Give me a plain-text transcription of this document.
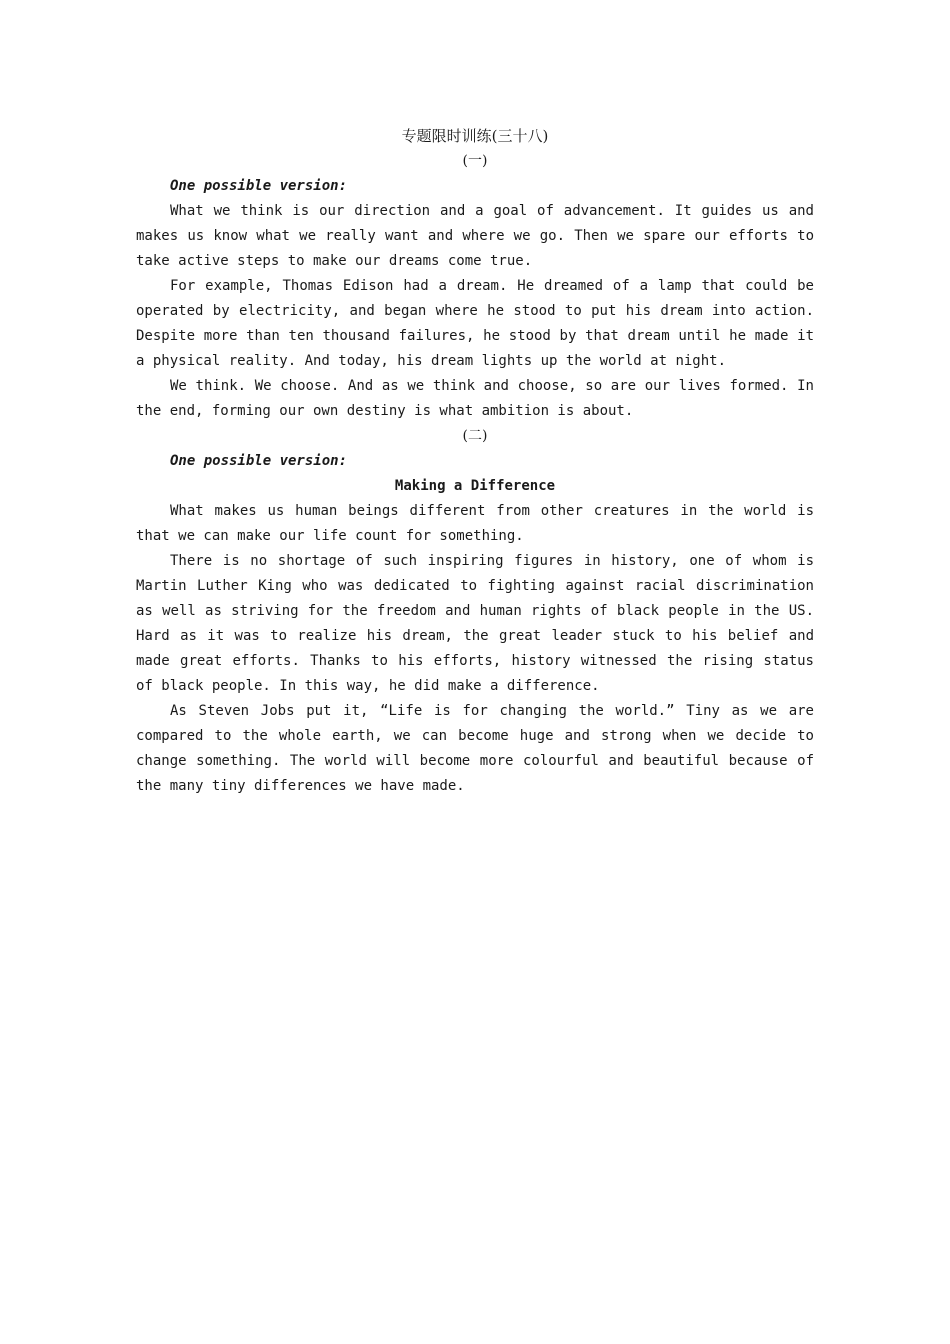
专题限时训练(三十八)
(一)
One possible version:

What we think is our direction and a goal of advancement. It guides us and makes us know what we really want and where we go. Then we spare our efforts to take active steps to make our dreams come true.

For example, Thomas Edison had a dream. He dreamed of a lamp that could be operated by electricity, and began where he stood to put his dream into action. Despite more than ten thousand failures, he stood by that dream until he made it a physical reality. And today, his dream lights up the world at night.

We think. We choose. And as we think and choose, so are our lives formed. In the end, forming our own destiny is what ambition is about.

(二)
One possible version:
Making a Difference

What makes us human beings different from other creatures in the world is that we can make our life count for something.

There is no shortage of such inspiring figures in history, one of whom is Martin Luther King who was dedicated to fighting against racial discrimination as well as striving for the freedom and human rights of black people in the US. Hard as it was to realize his dream, the great leader stuck to his belief and made great efforts. Thanks to his efforts, history witnessed the rising status of black people. In this way, he did make a difference.

As Steven Jobs put it, “Life is for changing the world.” Tiny as we are compared to the whole earth, we can become huge and strong when we decide to change something. The world will become more colourful and beautiful because of the many tiny differences we have made.
